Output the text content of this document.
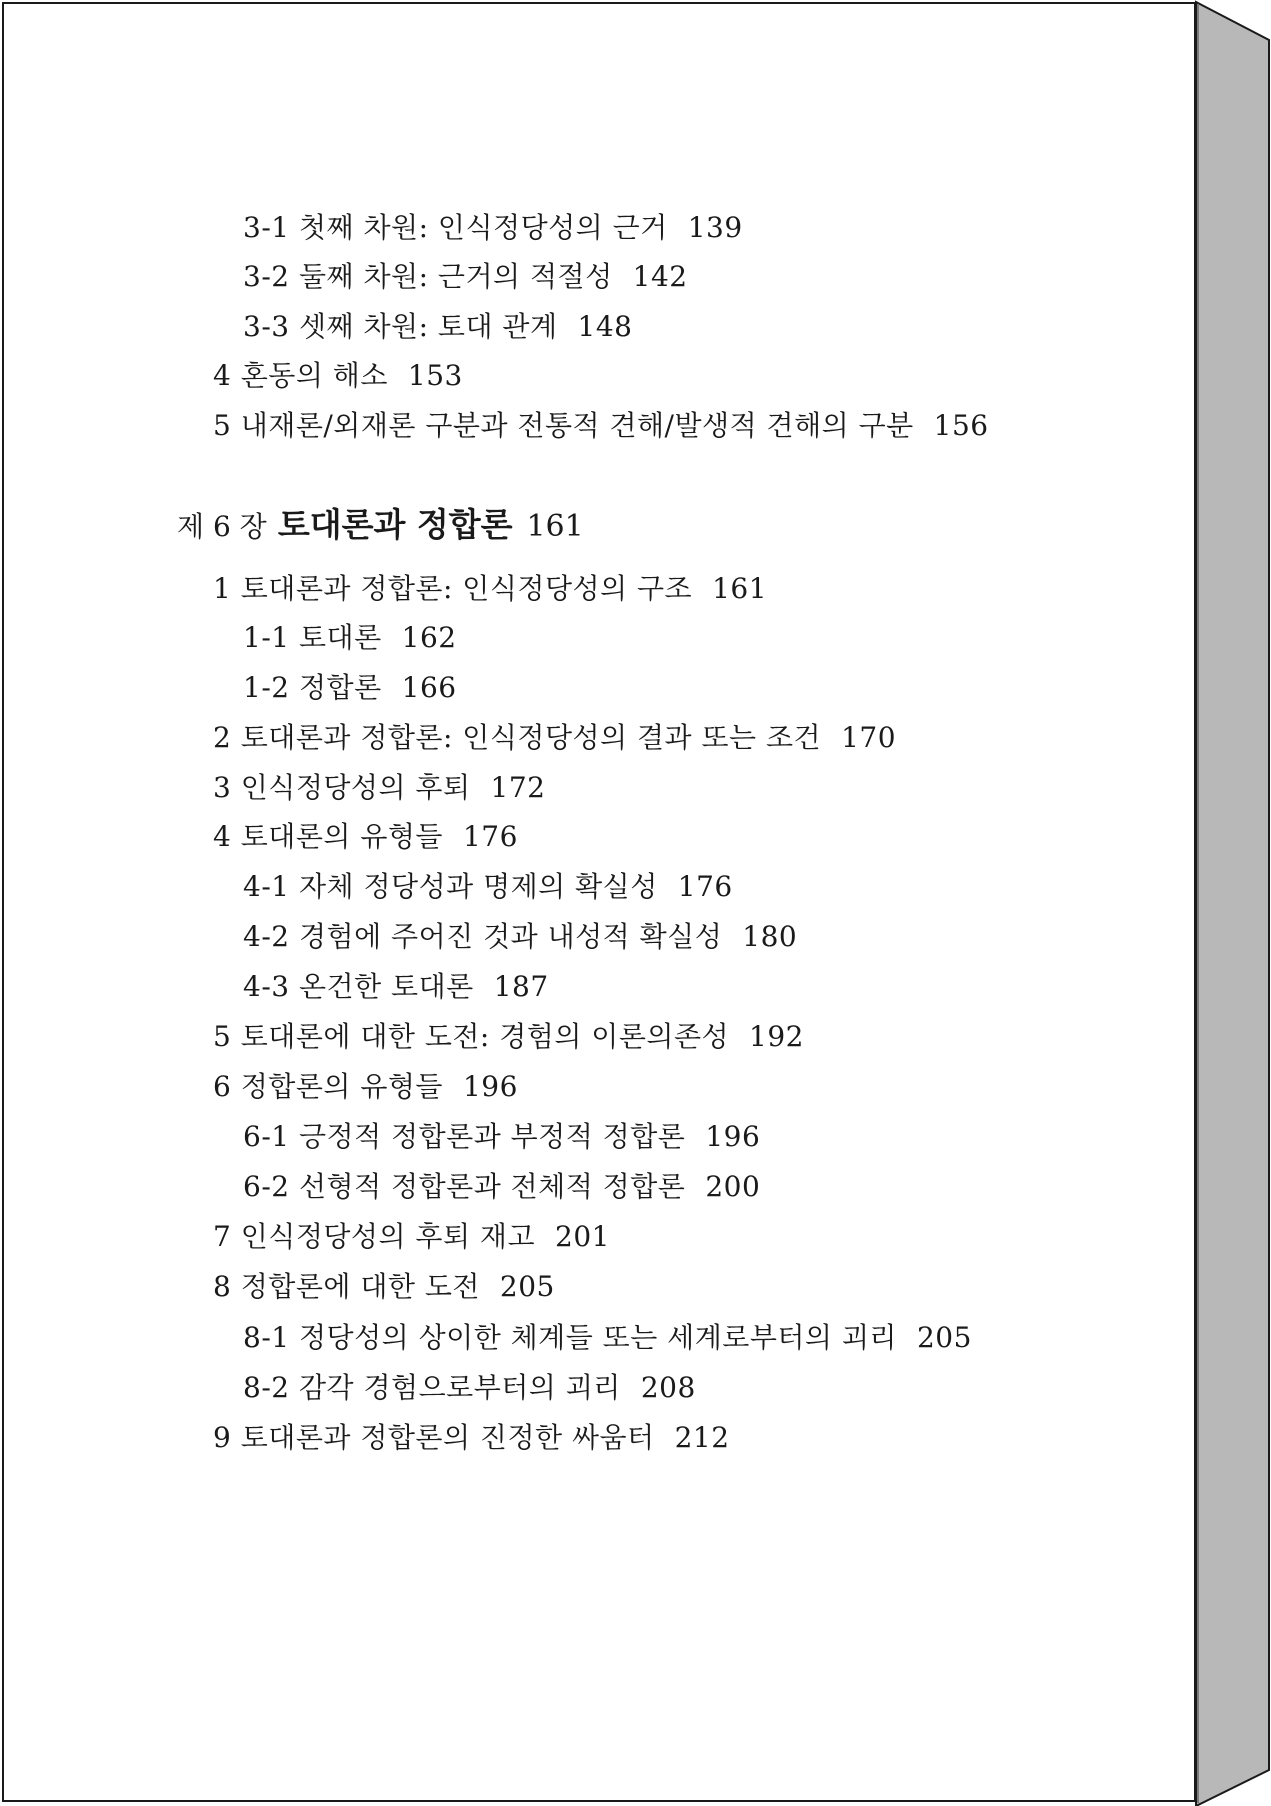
3-1 첫째 차원: 인식정당성의 근거 139
3-2 둘째 차원: 근거의 적절성 142
3-3 셋째 차원: 토대 관계 148
4 혼동의 해소 153
5 내재론/외재론 구분과 전통적 견해/발생적 견해의 구분 156
제 6 장 토대론과 정합론 161
1 토대론과 정합론: 인식정당성의 구조 161
1-1 토대론 162
1-2 정합론 166
2 토대론과 정합론: 인식정당성의 결과 또는 조건 170
3 인식정당성의 후퇴 172
4 토대론의 유형들 176
4-1 자체 정당성과 명제의 확실성 176
4-2 경험에 주어진 것과 내성적 확실성 180
4-3 온건한 토대론 187
5 토대론에 대한 도전: 경험의 이론의존성 192
6 정합론의 유형들 196
6-1 긍정적 정합론과 부정적 정합론 196
6-2 선형적 정합론과 전체적 정합론 200
7 인식정당성의 후퇴 재고 201
8 정합론에 대한 도전 205
8-1 정당성의 상이한 체계들 또는 세계로부터의 괴리 205
8-2 감각 경험으로부터의 괴리 208
9 토대론과 정합론의 진정한 싸움터 212
